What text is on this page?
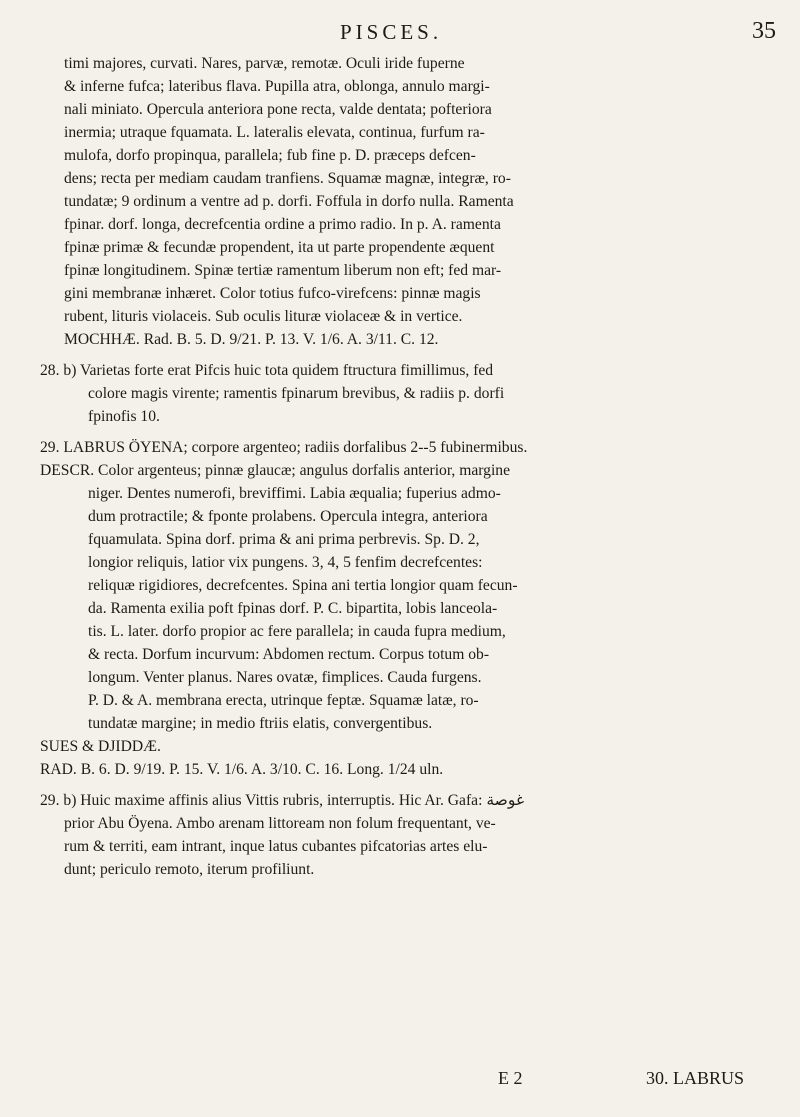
PISCES.	35
timi majores, curvati. Nares, parvæ, remotæ. Oculi iride fuperne
& inferne fufca; lateribus flava. Pupilla atra, oblonga, annulo margi-
nali miniato. Opercula anteriora pone recta, valde dentata; pofteriora
inermia; utraque fquamata. L. lateralis elevata, continua, furfum ra-
mulofa, dorfo propinqua, parallela; fub fine p. D. præceps defcen-
dens; recta per mediam caudam tranfiens. Squamæ magnæ, integræ, ro-
tundatæ; 9 ordinum a ventre ad p. dorfi. Foffula in dorfo nulla. Ramenta
fpinar. dorf. longa, decrefcentia ordine a primo radio. In p. A. ramenta
fpinæ primæ & fecundæ propendent, ita ut parte propendente æquent
fpinæ longitudinem. Spinæ tertiæ ramentum liberum non eft; fed mar-
gini membranæ inhæret. Color totius fufco-virefcens: pinnæ magis
rubent, lituris violaceis. Sub oculis lituræ violaceæ & in vertice.
MOCHHÆ. Rad. B. 5. D. 9/21. P. 13. V. 1/6. A. 3/11. C. 12.
28. b) Varietas forte erat Pifcis huic tota quidem ftructura fimillimus, fed
colore magis virente; ramentis fpinarum brevibus, & radiis p. dorfi
fpinofis 10.
29. LABRUS ÖYENA; corpore argenteo; radiis dorfalibus 2--5 fubinermibus.
DESCR. Color argenteus; pinnæ glaucæ; angulus dorfalis anterior, margine
niger. Dentes numerofi, breviffimi. Labia æqualia; fuperius admo-
dum protractile; & fponte prolabens. Opercula integra, anteriora
fquamulata. Spina dorf. prima & ani prima perbrevis. Sp. D. 2,
longior reliquis, latior vix pungens. 3, 4, 5 fenfim decrefcentes:
reliquæ rigidiores, decrefcentes. Spina ani tertia longior quam fecun-
da. Ramenta exilia poft fpinas dorf. P. C. bipartita, lobis lanceola-
tis. L. later. dorfo propior ac fere parallela; in cauda fupra medium,
& recta. Dorfum incurvum: Abdomen rectum. Corpus totum ob-
longum. Venter planus. Nares ovatæ, fimplices. Cauda furgens.
P. D. & A. membrana erecta, utrinque feptæ. Squamæ latæ, ro-
tundatæ margine; in medio ftriis elatis, convergentibus.
SUES & DJIDDÆ.
RAD. B. 6. D. 9/19. P. 15. V. 1/6. A. 3/10. C. 16. Long. 1/24 uln.
29. b) Huic maxime affinis alius Vittis rubris, interruptis. Hic Ar. Gafa: غوصة
prior Abu Öyena. Ambo arenam littoream non folum frequentant, ve-
rum & territi, eam intrant, inque latus cubantes pifcatorias artes elu-
dunt; periculo remoto, iterum profiliunt.
E 2	30. LABRUS
